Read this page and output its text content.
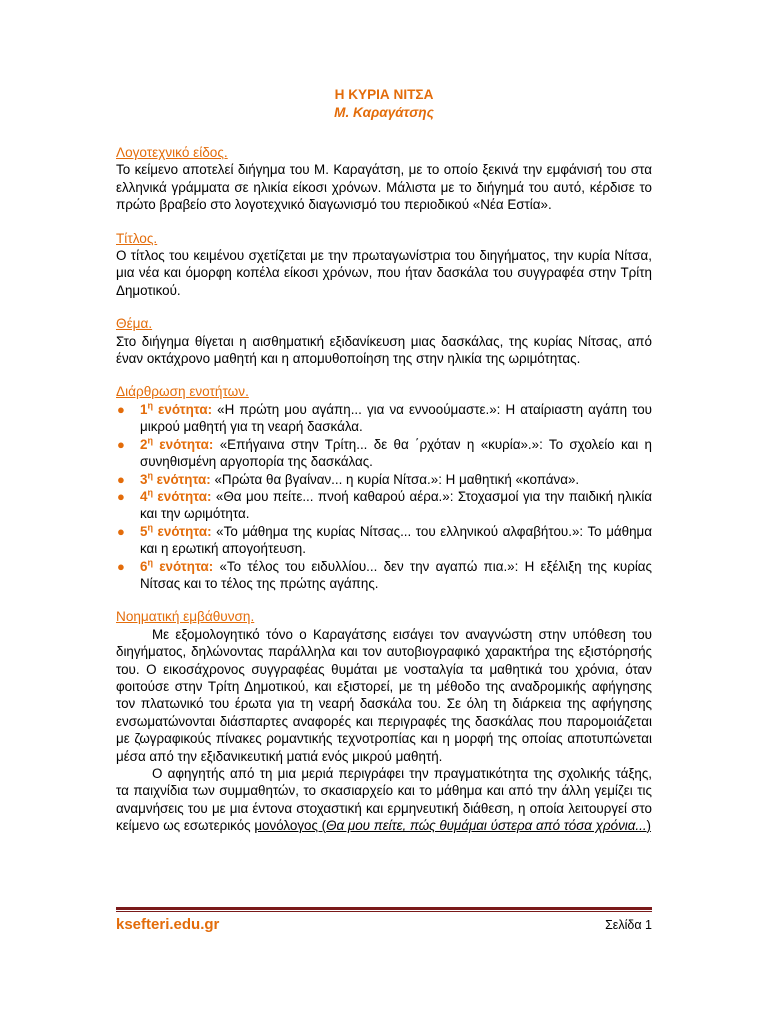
Η ΚΥΡΙΑ ΝΙΤΣΑ
Μ. Καραγάτσης

Λογοτεχνικό είδος.

Το κείμενο αποτελεί διήγημα του Μ. Καραγάτση, με το οποίο ξεκινά την εμφάνισή του στα ελληνικά γράμματα σε ηλικία είκοσι χρόνων. Μάλιστα με το διήγημά του αυτό, κέρδισε το πρώτο βραβείο στο λογοτεχνικό διαγωνισμό του περιοδικού «Νέα Εστία».

Τίτλος.

Ο τίτλος του κειμένου σχετίζεται με την πρωταγωνίστρια του διηγήματος, την κυρία Νίτσα, μια νέα και όμορφη κοπέλα είκοσι χρόνων, που ήταν δασκάλα του συγγραφέα στην Τρίτη Δημοτικού.

Θέμα.

Στο διήγημα θίγεται η αισθηματική εξιδανίκευση μιας δασκάλας, της κυρίας Νίτσας, από έναν οκτάχρονο μαθητή και η απομυθοποίηση της στην ηλικία της ωριμότητας.

Διάρθρωση ενοτήτων.

● $1^\eta$ ενότητα: «Η πρώτη μου αγάπη... για να εννοούμαστε.»: Η αταίριαστη αγάπη του μικρού μαθητή για τη νεαρή δασκάλα.
● $2^\eta$ ενότητα: «Επήγαινα στην Τρίτη... δε θα ΄ρχόταν η «κυρία».»: Το σχολείο και η συνηθισμένη αργοπορία της δασκάλας.
● $3^\eta$ ενότητα: «Πρώτα θα βγαίναν... η κυρία Νίτσα.»: Η μαθητική «κοπάνα».
● $4^\eta$ ενότητα: «Θα μου πείτε... πνοή καθαρού αέρα.»: Στοχασμοί για την παιδική ηλικία και την ωριμότητα.
● $5^\eta$ ενότητα: «Το μάθημα της κυρίας Νίτσας... του ελληνικού αλφαβήτου.»: Το μάθημα και η ερωτική απογοήτευση.
● $6^\eta$ ενότητα: «Το τέλος του ειδυλλίου... δεν την αγαπώ πια.»: Η εξέλιξη της κυρίας Νίτσας και το τέλος της πρώτης αγάπης.

Νοηματική εμβάθυνση.

Με εξομολογητικό τόνο ο Καραγάτσης εισάγει τον αναγνώστη στην υπόθεση του διηγήματος, δηλώνοντας παράλληλα και τον αυτοβιογραφικό χαρακτήρα της εξιστόρησής του. Ο εικοσάχρονος συγγραφέας θυμάται με νοσταλγία τα μαθητικά του χρόνια, όταν φοιτούσε στην Τρίτη Δημοτικού, και εξιστορεί, με τη μέθοδο της αναδρομικής αφήγησης τον πλατωνικό του έρωτα για τη νεαρή δασκάλα του. Σε όλη τη διάρκεια της αφήγησης ενσωματώνονται διάσπαρτες αναφορές και περιγραφές της δασκάλας που παρομοιάζεται με ζωγραφικούς πίνακες ρομαντικής τεχνοτροπίας και η μορφή της οποίας αποτυπώνεται μέσα από την εξιδανικευτική ματιά ενός μικρού μαθητή.

Ο αφηγητής από τη μια μεριά περιγράφει την πραγματικότητα της σχολικής τάξης, τα παιχνίδια των συμμαθητών, το σκασιαρχείο και το μάθημα και από την άλλη γεμίζει τις αναμνήσεις του με μια έντονα στοχαστική και ερμηνευτική διάθεση, η οποία λειτουργεί στο κείμενο ως εσωτερικός μονόλογος (Θα μου πείτε, πώς θυμάμαι ύστερα από τόσα χρόνια...)

ksefteri.edu.gr	Σελίδα 1
